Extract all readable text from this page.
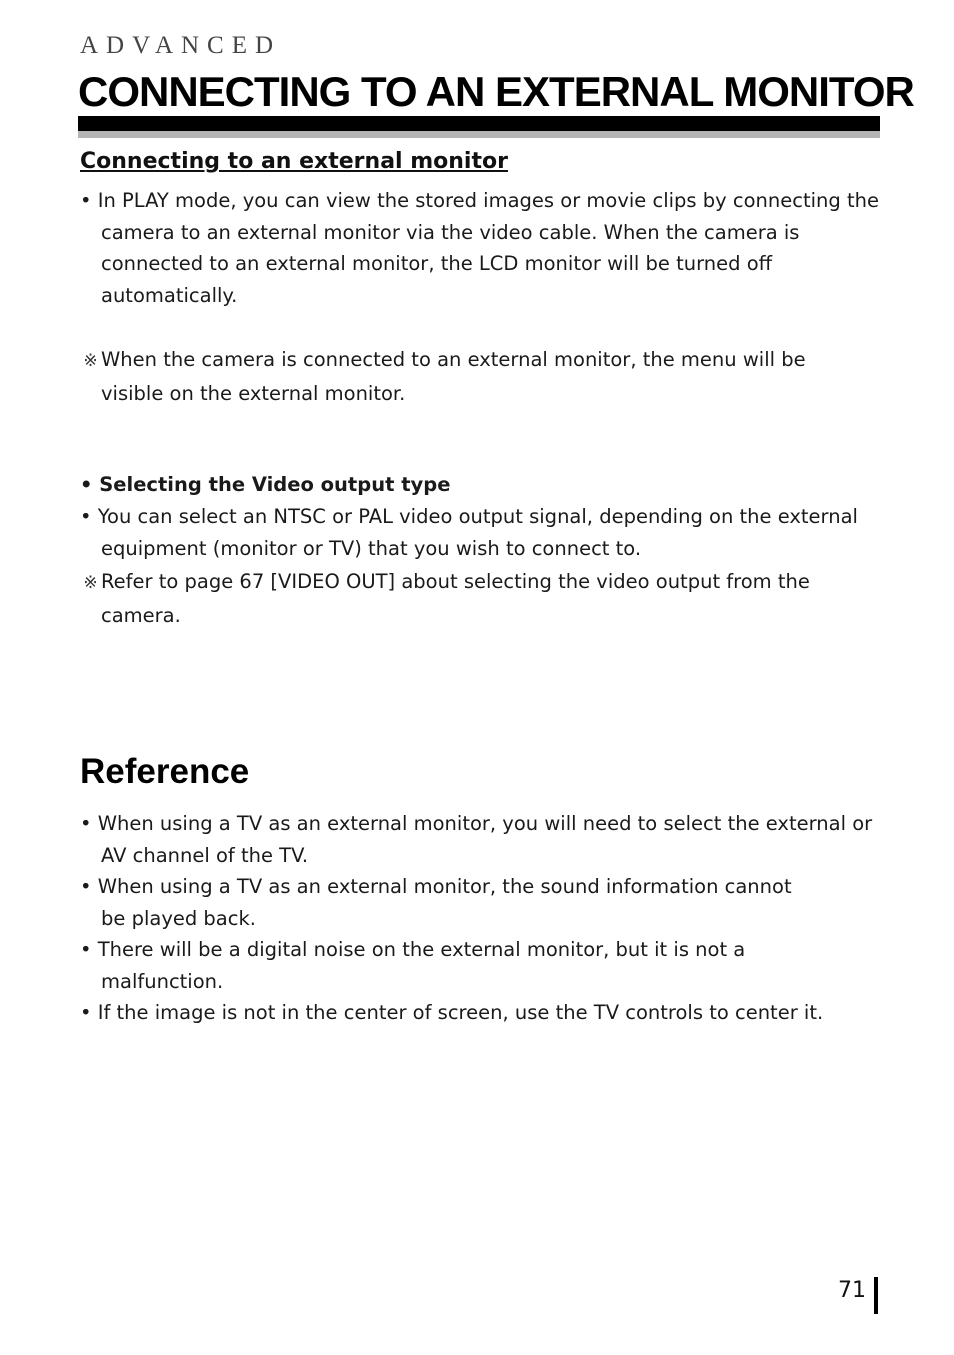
ADVANCED
CONNECTING TO AN EXTERNAL MONITOR
Connecting to an external monitor
• In PLAY mode, you can view the stored images or movie clips by connecting the
camera to an external monitor via the video cable. When the camera is
connected to an external monitor, the LCD monitor will be turned off
automatically.
※ When the camera is connected to an external monitor, the menu will be
visible on the external monitor.
• Selecting the Video output type
• You can select an NTSC or PAL video output signal, depending on the external
equipment (monitor or TV) that you wish to connect to.
※ Refer to page 67 [VIDEO OUT] about selecting the video output from the
camera.
Reference
• When using a TV as an external monitor, you will need to select the external or
AV channel of the TV.
• When using a TV as an external monitor, the sound information cannot
be played back.
• There will be a digital noise on the external monitor, but it is not a
malfunction.
• If the image is not in the center of screen, use the TV controls to center it.
71
